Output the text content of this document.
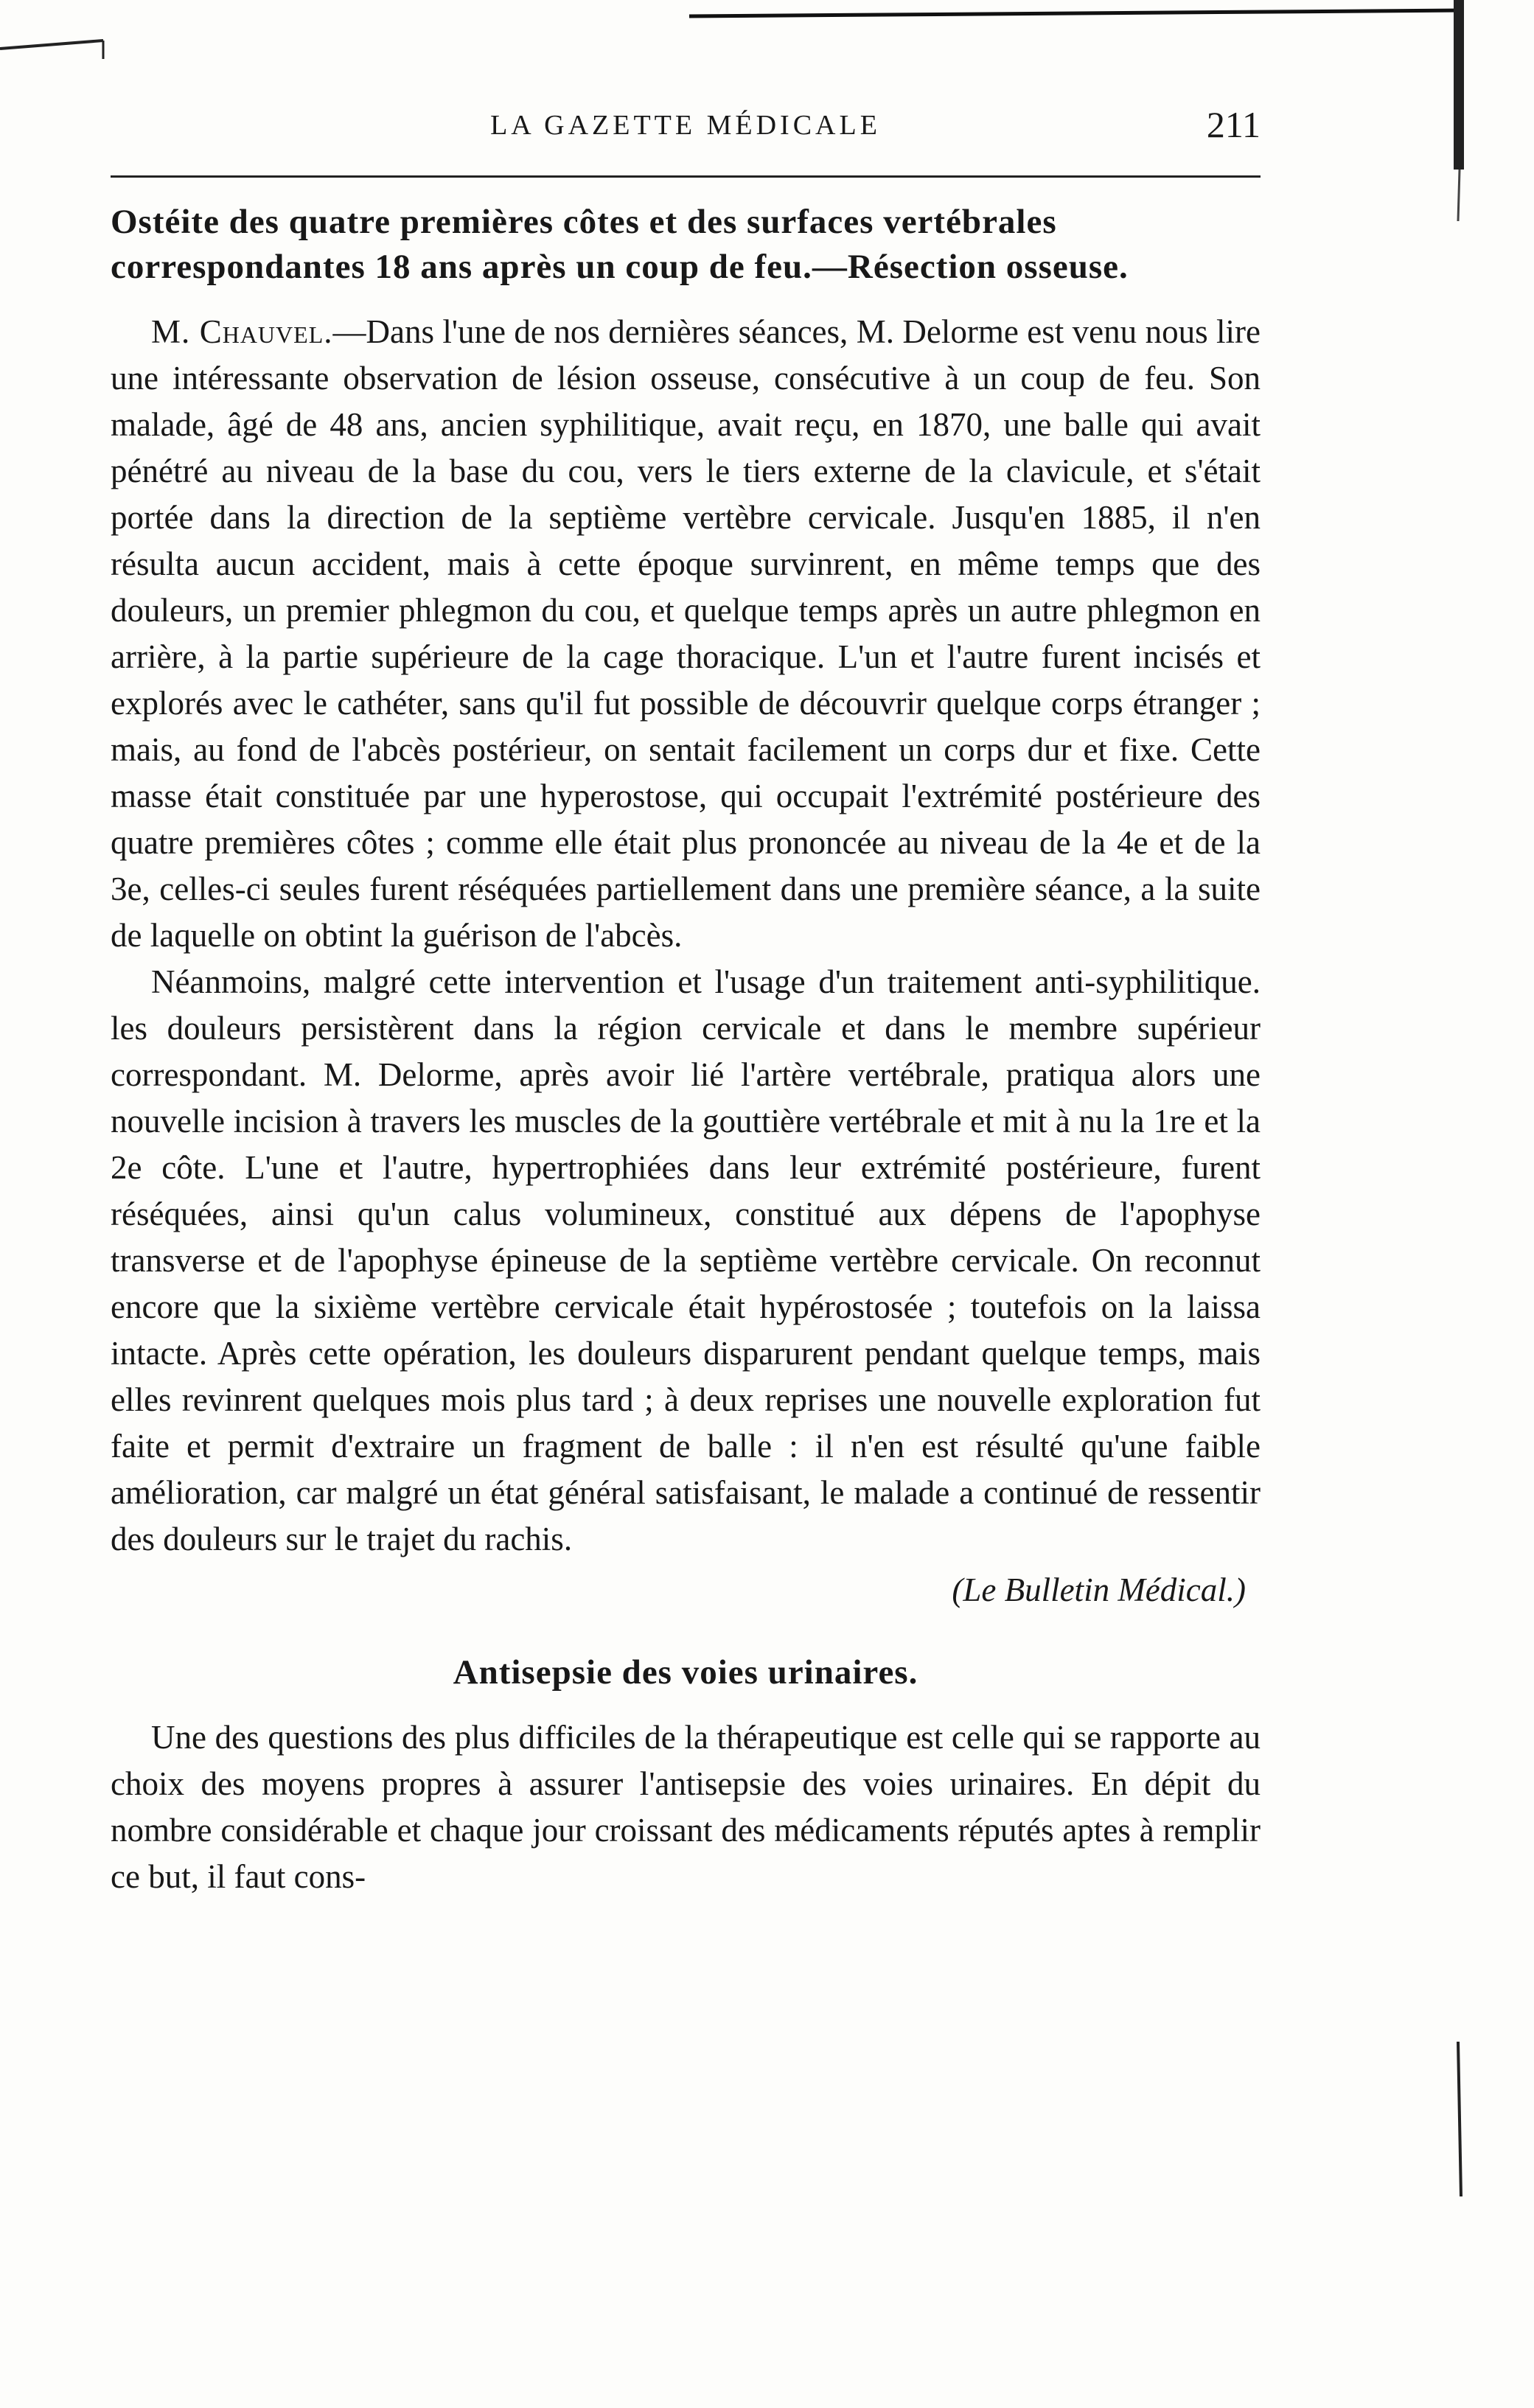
LA GAZETTE MÉDICALE	211
Ostéite des quatre premières côtes et des surfaces vertébrales correspondantes 18 ans après un coup de feu.—Résection osseuse.

M. Chauvel.—Dans l'une de nos dernières séances, M. Delorme est venu nous lire une intéressante observation de lésion osseuse, consécutive à un coup de feu. Son malade, âgé de 48 ans, ancien syphilitique, avait reçu, en 1870, une balle qui avait pénétré au niveau de la base du cou, vers le tiers externe de la clavicule, et s'était portée dans la direction de la septième vertèbre cervicale. Jusqu'en 1885, il n'en résulta aucun accident, mais à cette époque survinrent, en même temps que des douleurs, un premier phlegmon du cou, et quelque temps après un autre phlegmon en arrière, à la partie supérieure de la cage thoracique. L'un et l'autre furent incisés et explorés avec le cathéter, sans qu'il fut possible de découvrir quelque corps étranger ; mais, au fond de l'abcès postérieur, on sentait facilement un corps dur et fixe. Cette masse était constituée par une hyperostose, qui occupait l'extrémité postérieure des quatre premières côtes ; comme elle était plus prononcée au niveau de la 4e et de la 3e, celles-ci seules furent réséquées partiellement dans une première séance, a la suite de laquelle on obtint la guérison de l'abcès.

Néanmoins, malgré cette intervention et l'usage d'un traitement anti-syphilitique. les douleurs persistèrent dans la région cervicale et dans le membre supérieur correspondant. M. Delorme, après avoir lié l'artère vertébrale, pratiqua alors une nouvelle incision à travers les muscles de la gouttière vertébrale et mit à nu la 1re et la 2e côte. L'une et l'autre, hypertrophiées dans leur extrémité postérieure, furent réséquées, ainsi qu'un calus volumineux, constitué aux dépens de l'apophyse transverse et de l'apophyse épineuse de la septième vertèbre cervicale. On reconnut encore que la sixième vertèbre cervicale était hypérostosée ; toutefois on la laissa intacte. Après cette opération, les douleurs disparurent pendant quelque temps, mais elles revinrent quelques mois plus tard ; à deux reprises une nouvelle exploration fut faite et permit d'extraire un fragment de balle : il n'en est résulté qu'une faible amélioration, car malgré un état général satisfaisant, le malade a continué de ressentir des douleurs sur le trajet du rachis.

(Le Bulletin Médical.)
Antisepsie des voies urinaires.

Une des questions des plus difficiles de la thérapeutique est celle qui se rapporte au choix des moyens propres à assurer l'antisepsie des voies urinaires. En dépit du nombre considérable et chaque jour croissant des médicaments réputés aptes à remplir ce but, il faut cons-
